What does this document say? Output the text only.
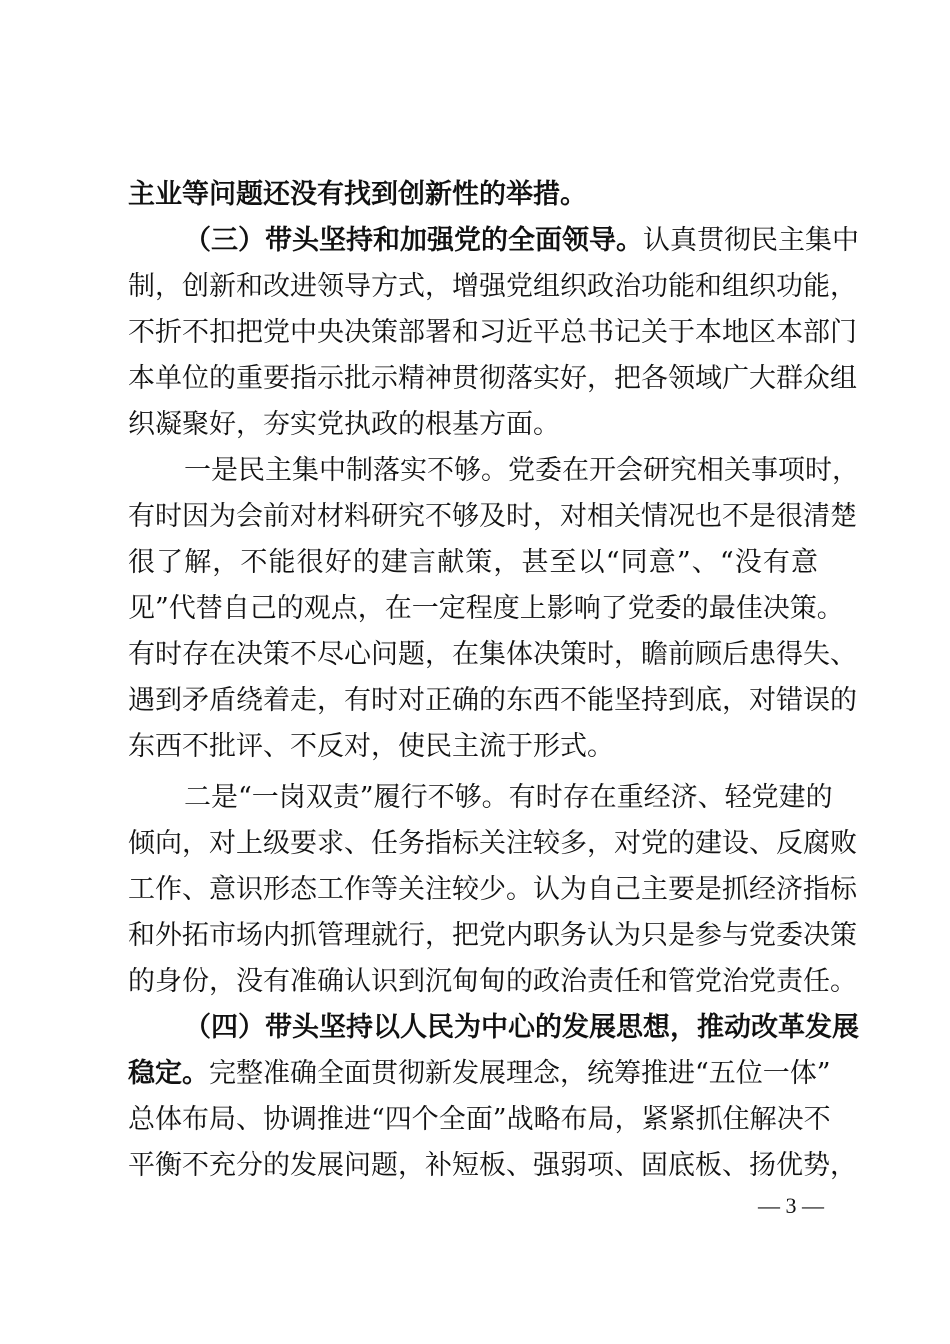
主业等问题还没有找到创新性的举措。
（三）带头坚持和加强党的全面领导。认真贯彻民主集中
制，创新和改进领导方式，增强党组织政治功能和组织功能，
不折不扣把党中央决策部署和习近平总书记关于本地区本部门
本单位的重要指示批示精神贯彻落实好，把各领域广大群众组
织凝聚好，夯实党执政的根基方面。
一是民主集中制落实不够。党委在开会研究相关事项时，
有时因为会前对材料研究不够及时，对相关情况也不是很清楚
很了解，不能很好的建言献策，甚至以“同意”、“没有意
见”代替自己的观点，在一定程度上影响了党委的最佳决策。
有时存在决策不尽心问题，在集体决策时，瞻前顾后患得失、
遇到矛盾绕着走，有时对正确的东西不能坚持到底，对错误的
东西不批评、不反对，使民主流于形式。
二是“一岗双责”履行不够。有时存在重经济、轻党建的
倾向，对上级要求、任务指标关注较多，对党的建设、反腐败
工作、意识形态工作等关注较少。认为自己主要是抓经济指标
和外拓市场内抓管理就行，把党内职务认为只是参与党委决策
的身份，没有准确认识到沉甸甸的政治责任和管党治党责任。
（四）带头坚持以人民为中心的发展思想，推动改革发展
稳定。完整准确全面贯彻新发展理念，统筹推进“五位一体”
总体布局、协调推进“四个全面”战略布局，紧紧抓住解决不
平衡不充分的发展问题，补短板、强弱项、固底板、扬优势，
— 3 —
